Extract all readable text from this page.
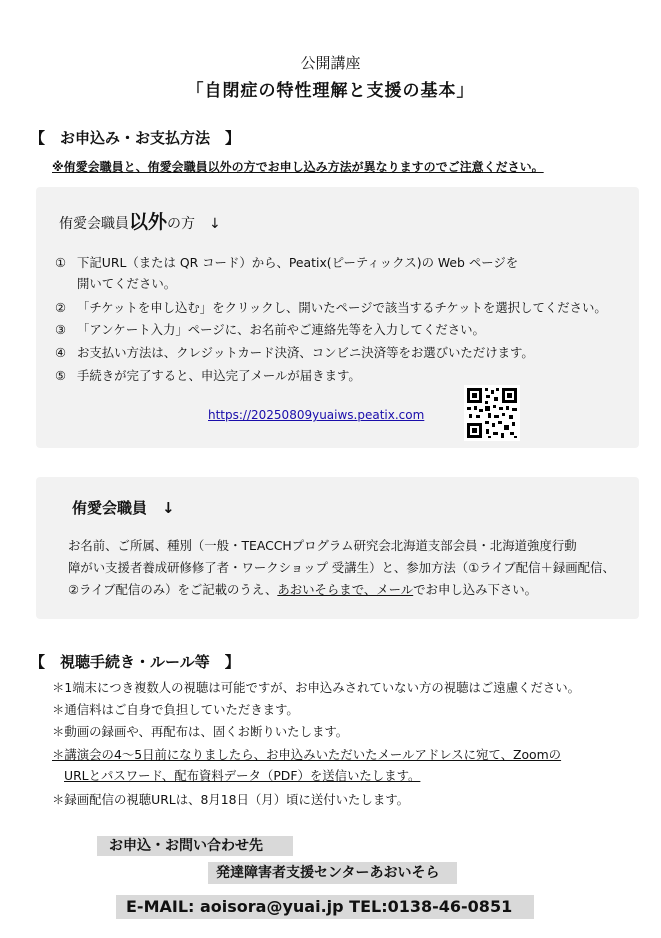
公開講座
「自閉症の特性理解と支援の基本」
【　お申込み・お支払方法　】
※侑愛会職員と、侑愛会職員以外の方でお申し込み方法が異なりますのでご注意ください。
侑愛会職員以外の方　↓
① 下記URL（または QR コード）から、Peatix(ピーティックス)の Web ページを
開いてください。
② 「チケットを申し込む」をクリックし、開いたページで該当するチケットを選択してください。
③ 「アンケート入力」ページに、お名前やご連絡先等を入力してください。
④ お支払い方法は、クレジットカード決済、コンビニ決済等をお選びいただけます。
⑤ 手続きが完了すると、申込完了メールが届きます。
https://20250809yuaiws.peatix.com
侑愛会職員　↓
お名前、ご所属、種別（一般・TEACCHプログラム研究会北海道支部会員・北海道強度行動
障がい支援者養成研修修了者・ワークショップ 受講生）と、参加方法（①ライブ配信＋録画配信、
②ライブ配信のみ）をご記載のうえ、あおいそらまで、メールでお申し込み下さい。
【　視聴手続き・ルール等　】
＊1端末につき複数人の視聴は可能ですが、お申込みされていない方の視聴はご遠慮ください。
＊通信料はご自身で負担していただきます。
＊動画の録画や、再配布は、固くお断りいたします。
＊講演会の4～5日前になりましたら、お申込みいただいたメールアドレスに宛て、Zoomの
URLとパスワード、配布資料データ（PDF）を送信いたします。
＊録画配信の視聴URLは、8月18日（月）頃に送付いたします。
お申込・お問い合わせ先
発達障害者支援センターあおいそら
E-MAIL: aoisora@yuai.jp TEL:0138-46-0851
